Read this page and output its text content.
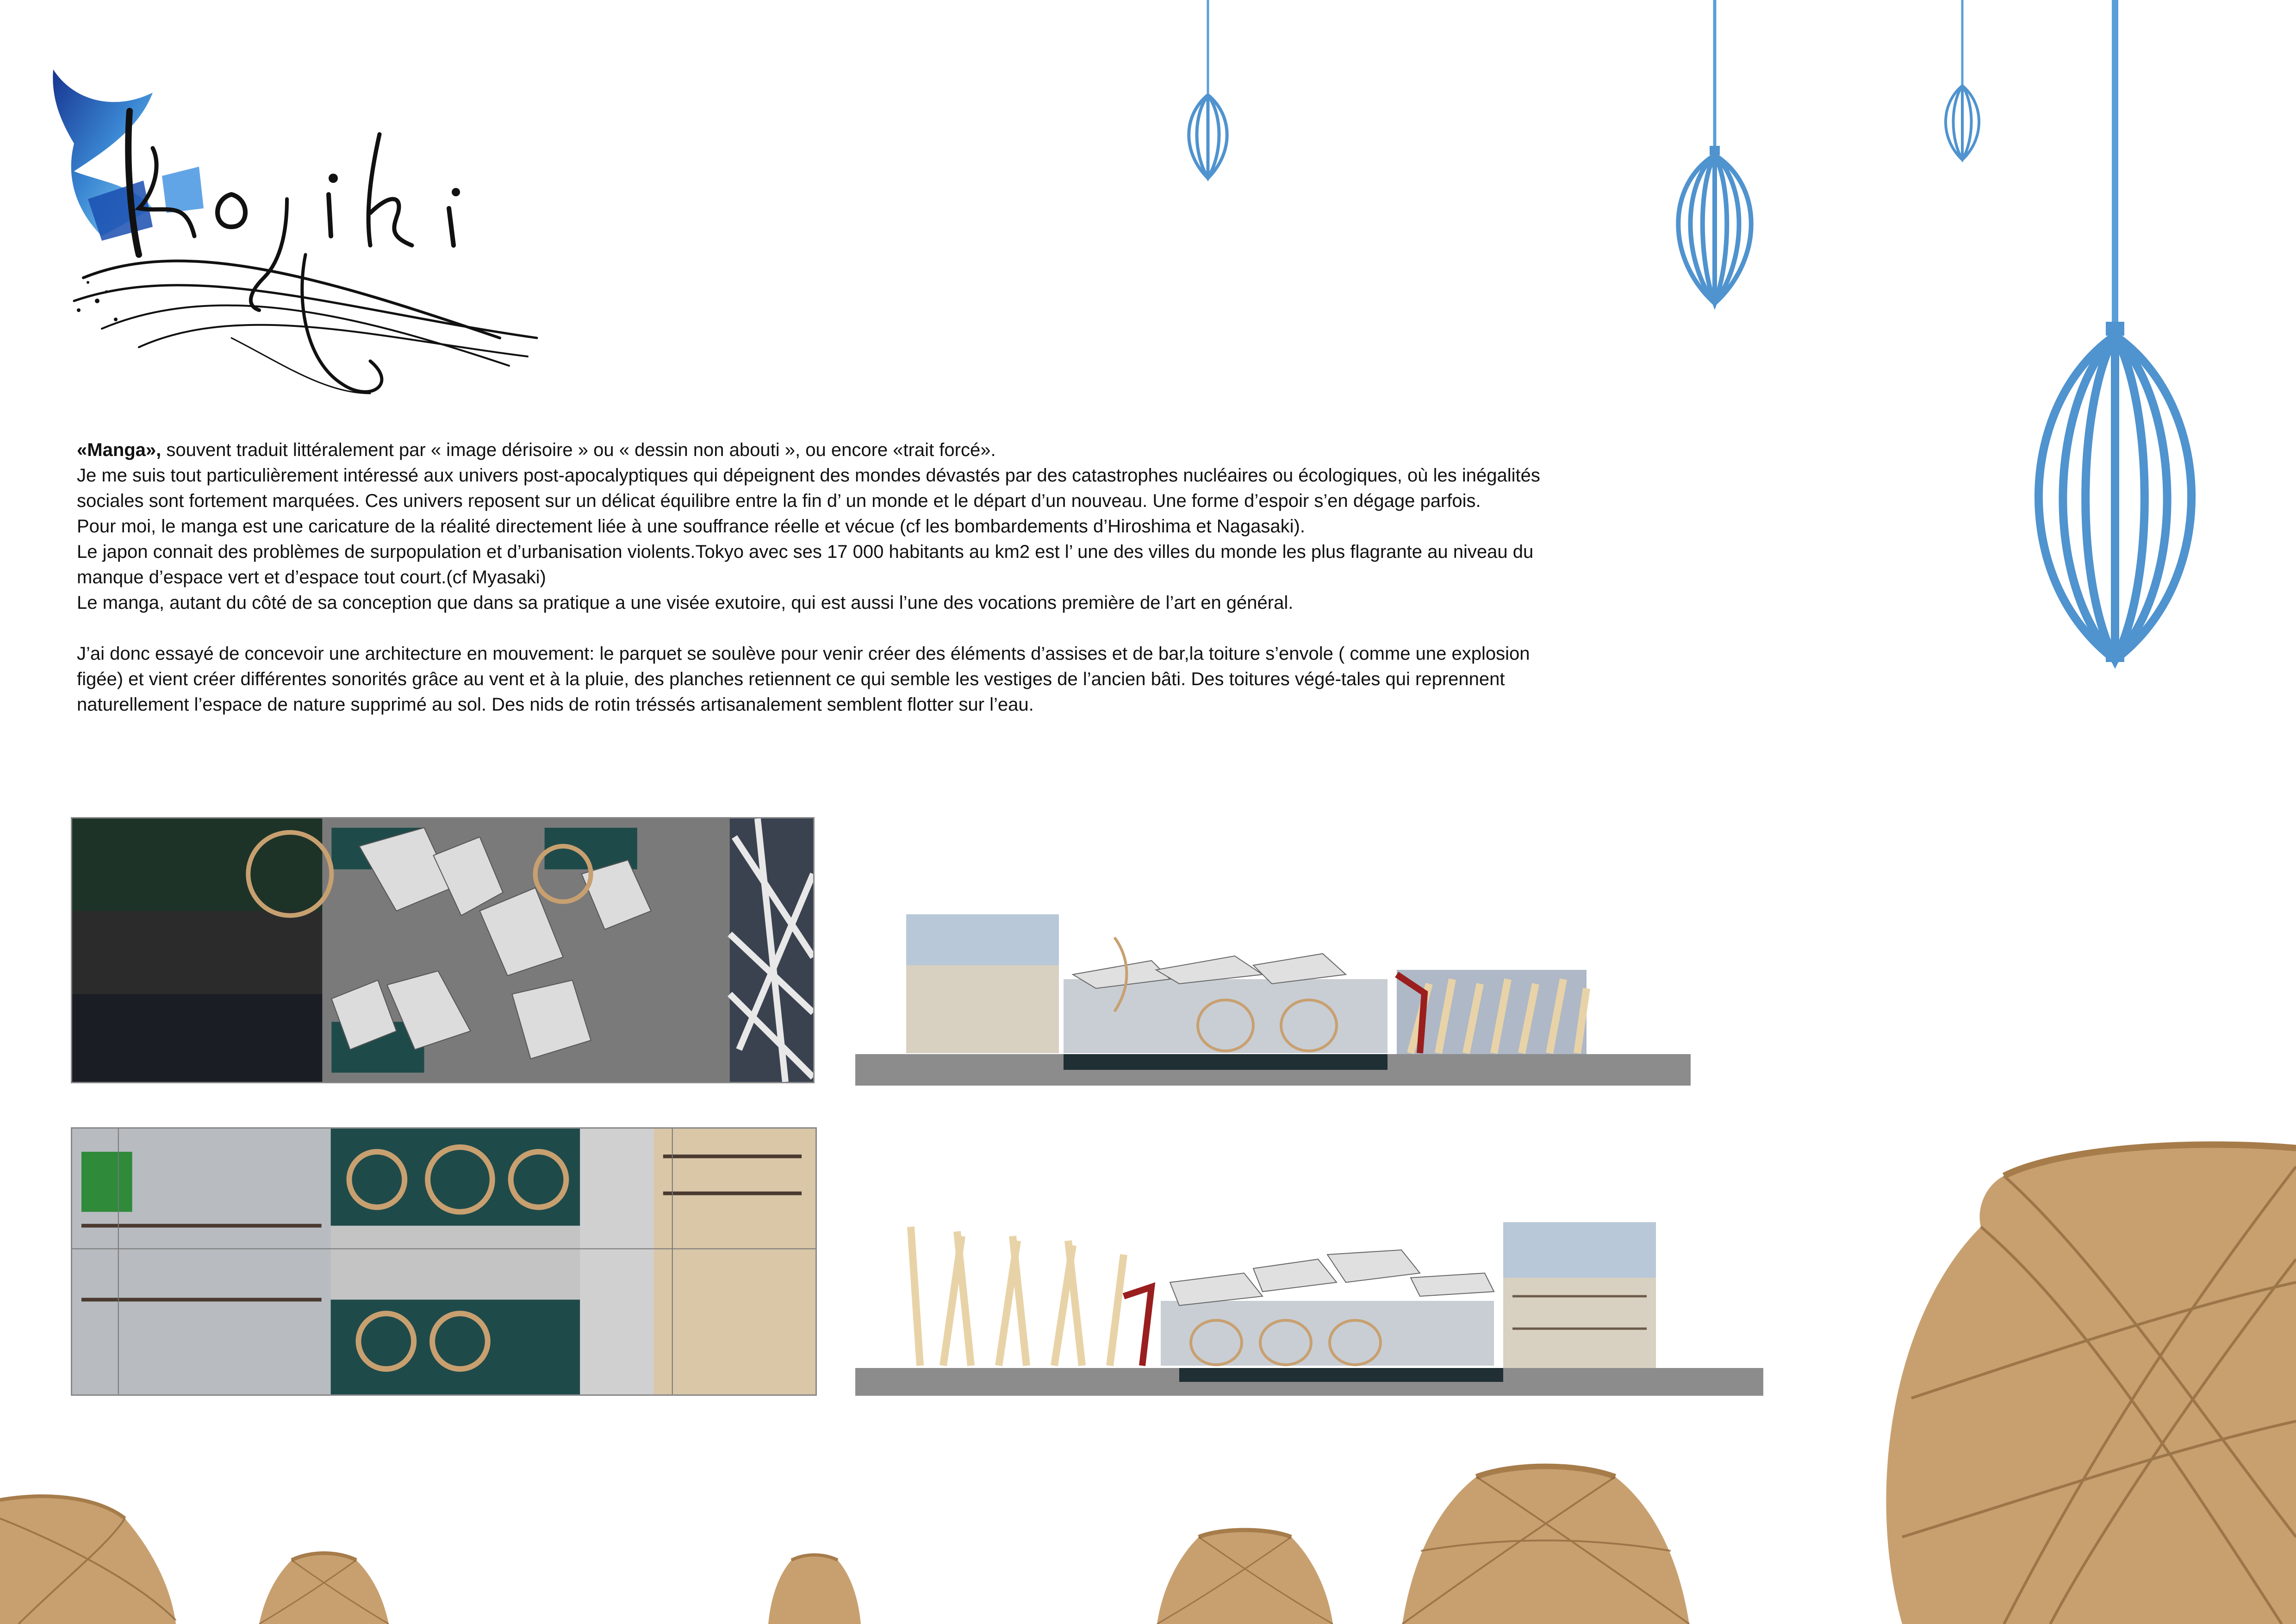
«Manga», souvent traduit littéralement par « image dérisoire » ou « dessin non abouti », ou encore «trait forcé».

Je me suis tout particulièrement intéressé aux univers post-apocalyptiques qui dépeignent des mondes dévastés par des catastrophes nucléaires ou écologiques, où les inégalités sociales sont fortement marquées. Ces univers reposent sur un délicat équilibre entre la fin d’ un monde et le départ d’un nouveau. Une forme d’espoir s’en dégage parfois.

Pour moi, le manga est une caricature de la réalité directement liée à une souffrance réelle et vécue (cf les bombardements d’Hiroshima et Nagasaki).

Le japon connait des problèmes de surpopulation et d’urbanisation violents.Tokyo avec ses 17 000 habitants au km2 est l’ une des villes du monde les plus flagrante au niveau du manque d’espace vert et d’espace tout court.(cf Myasaki)

Le manga, autant du côté de sa conception que dans sa pratique a une visée exutoire, qui est aussi l’une des vocations première de l’art en général.

J’ai donc essayé de concevoir une architecture en mouvement: le parquet se soulève pour venir créer des éléments d’assises et de bar,la toiture s’envole ( comme une explosion figée) et vient créer différentes sonorités grâce au vent et à la pluie, des planches retiennent ce qui semble les vestiges de l’ancien bâti. Des toitures végé-tales qui reprennent naturellement l’espace de nature supprimé au sol. Des nids de rotin tréssés artisanalement semblent flotter sur l’eau.
